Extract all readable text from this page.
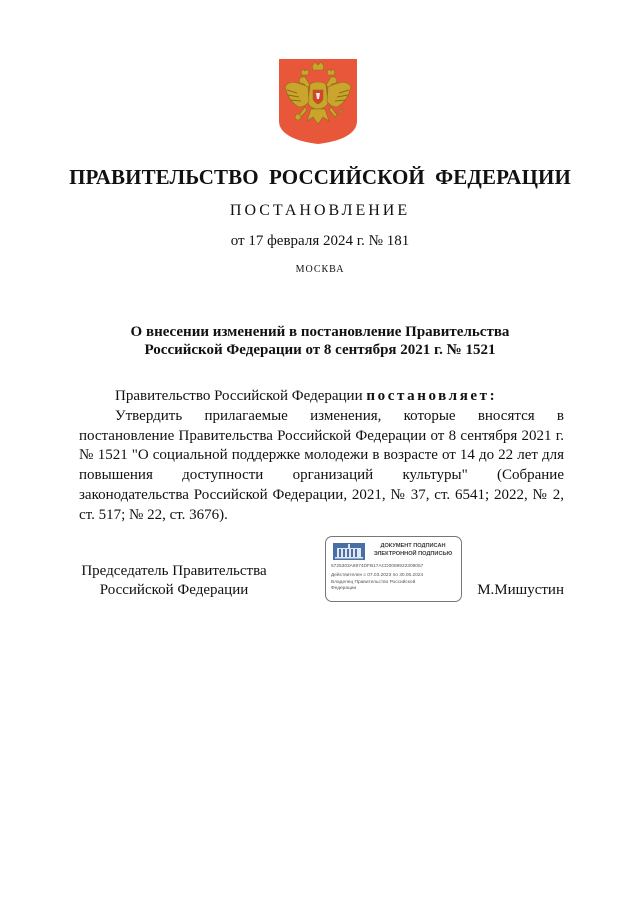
ПРАВИТЕЛЬСТВО РОССИЙСКОЙ ФЕДЕРАЦИИ
ПОСТАНОВЛЕНИЕ
от 17 февраля 2024 г. № 181
МОСКВА
О внесении изменений в постановление Правительства
Российской Федерации от 8 сентября 2021 г. № 1521

Правительство Российской Федерации постановляет:

Утвердить прилагаемые изменения, которые вносятся в постановление Правительства Российской Федерации от 8 сентября 2021 г. № 1521 "О социальной поддержке молодежи в возрасте от 14 до 22 лет для повышения доступности организаций культуры" (Собрание законодательства Российской Федерации, 2021, № 37, ст. 6541; 2022, № 2, ст. 517; № 22, ст. 3676).

Председатель Правительства
Российской Федерации
ДОКУМЕНТ ПОДПИСАН
ЭЛЕКТРОННОЙ ПОДПИСЬЮ
5725303A6974DFB17ACD0089922309057
Действителен с 07.03.2023 по 30.05.2024
Владелец Правительство Российской
Федерации	М.Мишустин
